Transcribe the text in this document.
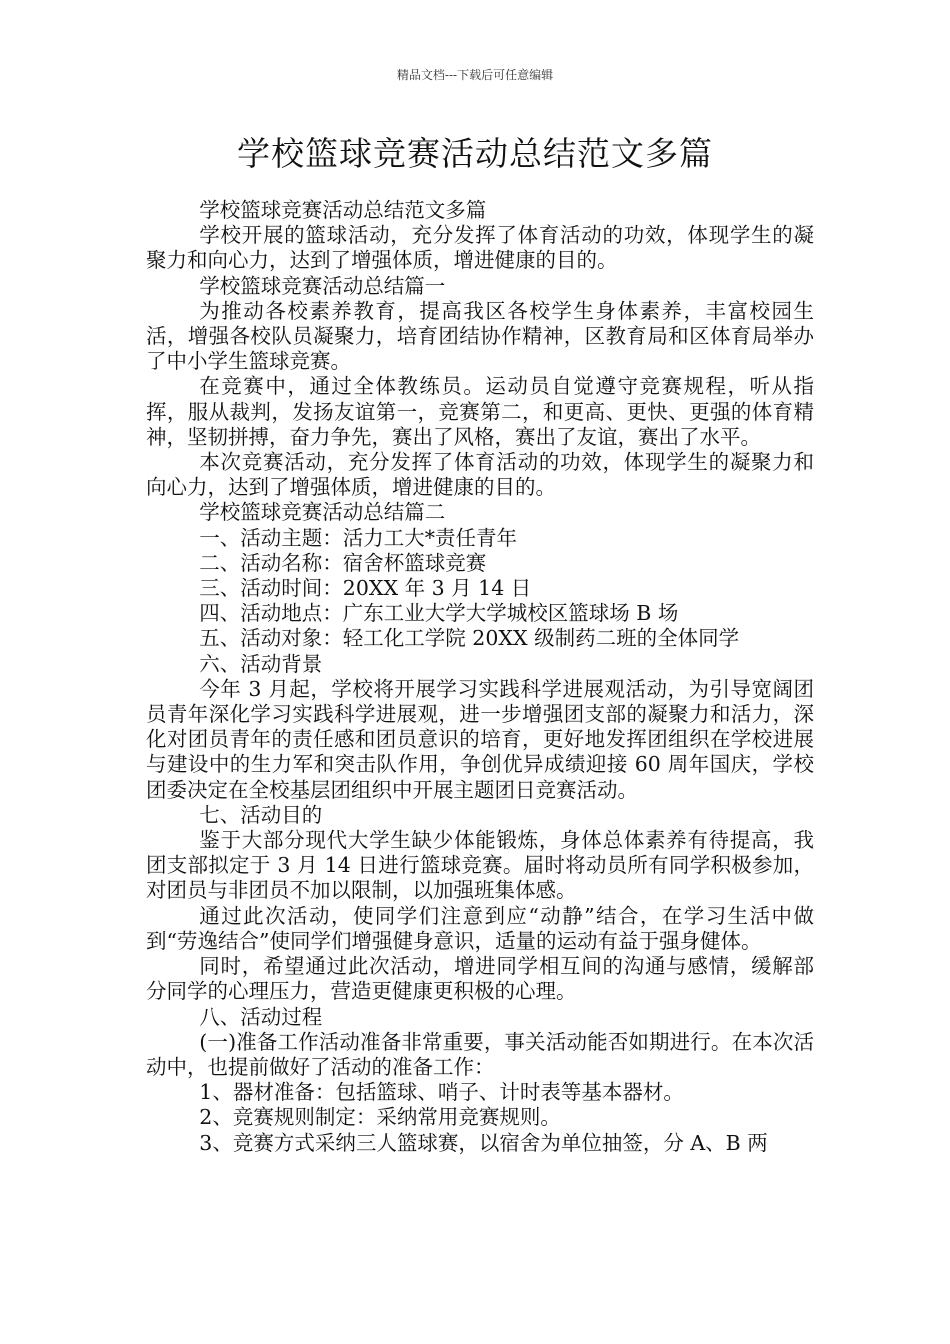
精品文档---下载后可任意编辑
学校篮球竞赛活动总结范文多篇

学校篮球竞赛活动总结范文多篇

学校开展的篮球活动，充分发挥了体育活动的功效，体现学生的凝聚力和向心力，达到了增强体质，增进健康的目的。

学校篮球竞赛活动总结篇一

为推动各校素养教育，提高我区各校学生身体素养，丰富校园生活，增强各校队员凝聚力，培育团结协作精神，区教育局和区体育局举办了中小学生篮球竞赛。

在竞赛中，通过全体教练员。运动员自觉遵守竞赛规程，听从指挥，服从裁判，发扬友谊第一，竞赛第二，和更高、更快、更强的体育精神，坚韧拼搏，奋力争先，赛出了风格，赛出了友谊，赛出了水平。

本次竞赛活动，充分发挥了体育活动的功效，体现学生的凝聚力和向心力，达到了增强体质，增进健康的目的。

学校篮球竞赛活动总结篇二

一、活动主题：活力工大*责任青年

二、活动名称：宿舍杯篮球竞赛

三、活动时间：20XX 年 3 月 14 日

四、活动地点：广东工业大学大学城校区篮球场 B 场

五、活动对象：轻工化工学院 20XX 级制药二班的全体同学

六、活动背景

今年 3 月起，学校将开展学习实践科学进展观活动，为引导宽阔团员青年深化学习实践科学进展观，进一步增强团支部的凝聚力和活力，深化对团员青年的责任感和团员意识的培育，更好地发挥团组织在学校进展与建设中的生力军和突击队作用，争创优异成绩迎接 60 周年国庆，学校团委决定在全校基层团组织中开展主题团日竞赛活动。

七、活动目的

鉴于大部分现代大学生缺少体能锻炼，身体总体素养有待提高，我团支部拟定于 3 月 14 日进行篮球竞赛。届时将动员所有同学积极参加，对团员与非团员不加以限制，以加强班集体感。

通过此次活动，使同学们注意到应“动静”结合，在学习生活中做到“劳逸结合”使同学们增强健身意识，适量的运动有益于强身健体。

同时，希望通过此次活动，增进同学相互间的沟通与感情，缓解部分同学的心理压力，营造更健康更积极的心理。

八、活动过程

(一)准备工作活动准备非常重要，事关活动能否如期进行。在本次活动中，也提前做好了活动的准备工作：

1、器材准备：包括篮球、哨子、计时表等基本器材。

2、竞赛规则制定：采纳常用竞赛规则。

3、竞赛方式采纳三人篮球赛，以宿舍为单位抽签，分 A、B 两
